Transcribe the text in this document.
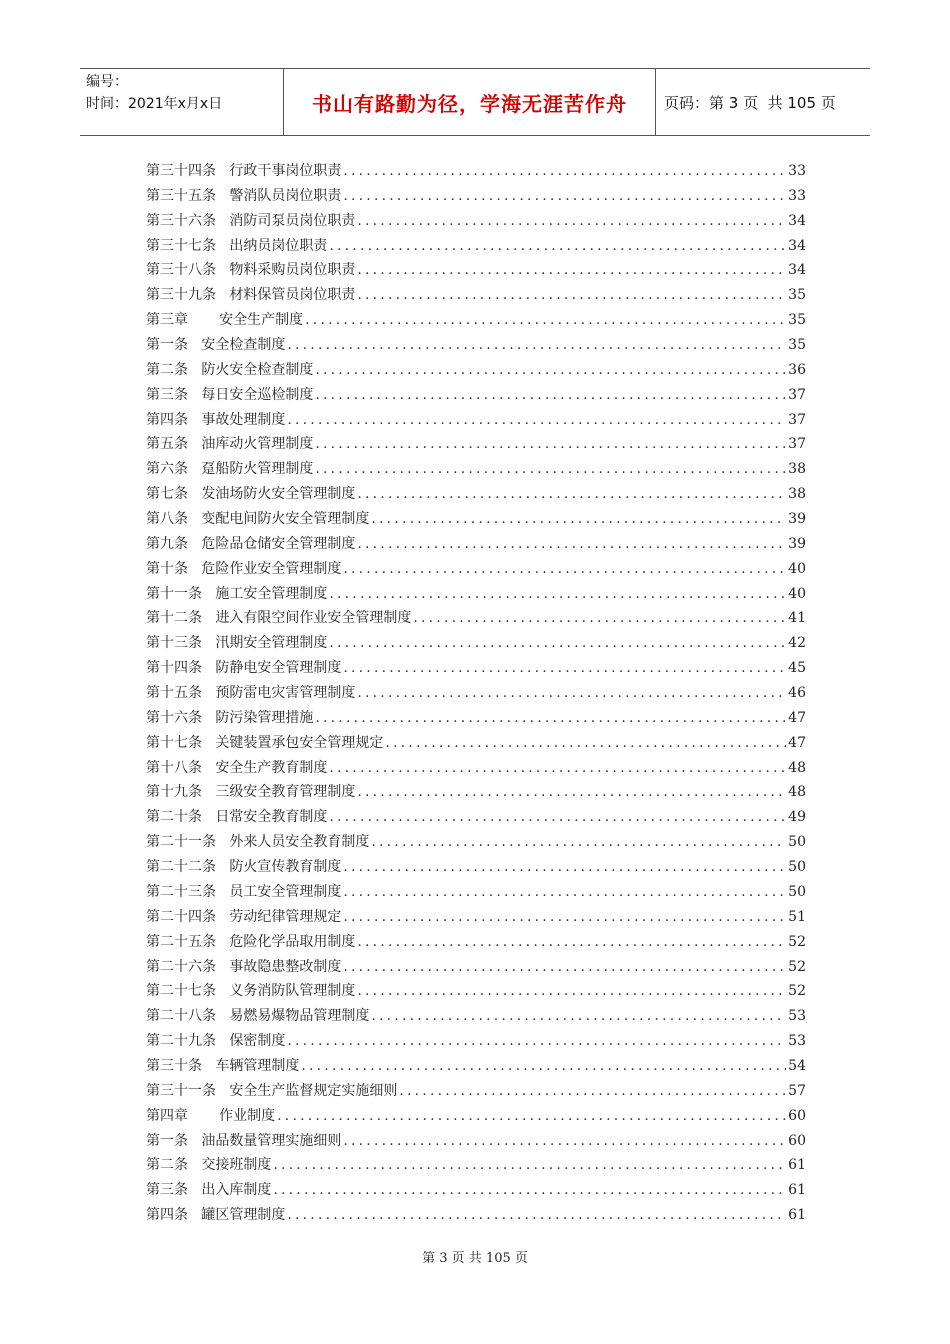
编号：
时间：2021年x月x日	书山有路勤为径，学海无涯苦作舟 页码：第 3 页  共 105 页
第三十四条   行政干事岗位职责 .....	33
第三十五条   警消队员岗位职责 .....	33
第三十六条   消防司泵员岗位职责 .....	34
第三十七条   出纳员岗位职责 .....	34
第三十八条   物料采购员岗位职责 .....	34
第三十九条   材料保管员岗位职责 .....	35
第三章       安全生产制度 .....	35
第一条   安全检查制度 .....	35
第二条   防火安全检查制度 .....	36
第三条   每日安全巡检制度 .....	37
第四条   事故处理制度 .....	37
第五条   油库动火管理制度 .....	37
第六条   趸船防火管理制度 .....	38
第七条   发油场防火安全管理制度 .....	38
第八条   变配电间防火安全管理制度 .....	39
第九条   危险品仓储安全管理制度 .....	39
第十条   危险作业安全管理制度 .....	40
第十一条   施工安全管理制度 .....	40
第十二条   进入有限空间作业安全管理制度 .....	41
第十三条   汛期安全管理制度 .....	42
第十四条   防静电安全管理制度 .....	45
第十五条   预防雷电灾害管理制度 .....	46
第十六条   防污染管理措施 .....	47
第十七条   关键装置承包安全管理规定 .....	47
第十八条   安全生产教育制度 .....	48
第十九条   三级安全教育管理制度 .....	48
第二十条   日常安全教育制度 .....	49
第二十一条   外来人员安全教育制度 .....	50
第二十二条   防火宣传教育制度 .....	50
第二十三条   员工安全管理制度 .....	50
第二十四条   劳动纪律管理规定 .....	51
第二十五条   危险化学品取用制度 .....	52
第二十六条   事故隐患整改制度 .....	52
第二十七条   义务消防队管理制度 .....	52
第二十八条   易燃易爆物品管理制度 .....	53
第二十九条   保密制度 .....	53
第三十条   车辆管理制度 .....	54
第三十一条   安全生产监督规定实施细则 .....	57
第四章       作业制度 .....	60
第一条   油品数量管理实施细则 .....	60
第二条   交接班制度 .....	61
第三条   出入库制度 .....	61
第四条   罐区管理制度 .....	61
第 3 页 共 105 页
